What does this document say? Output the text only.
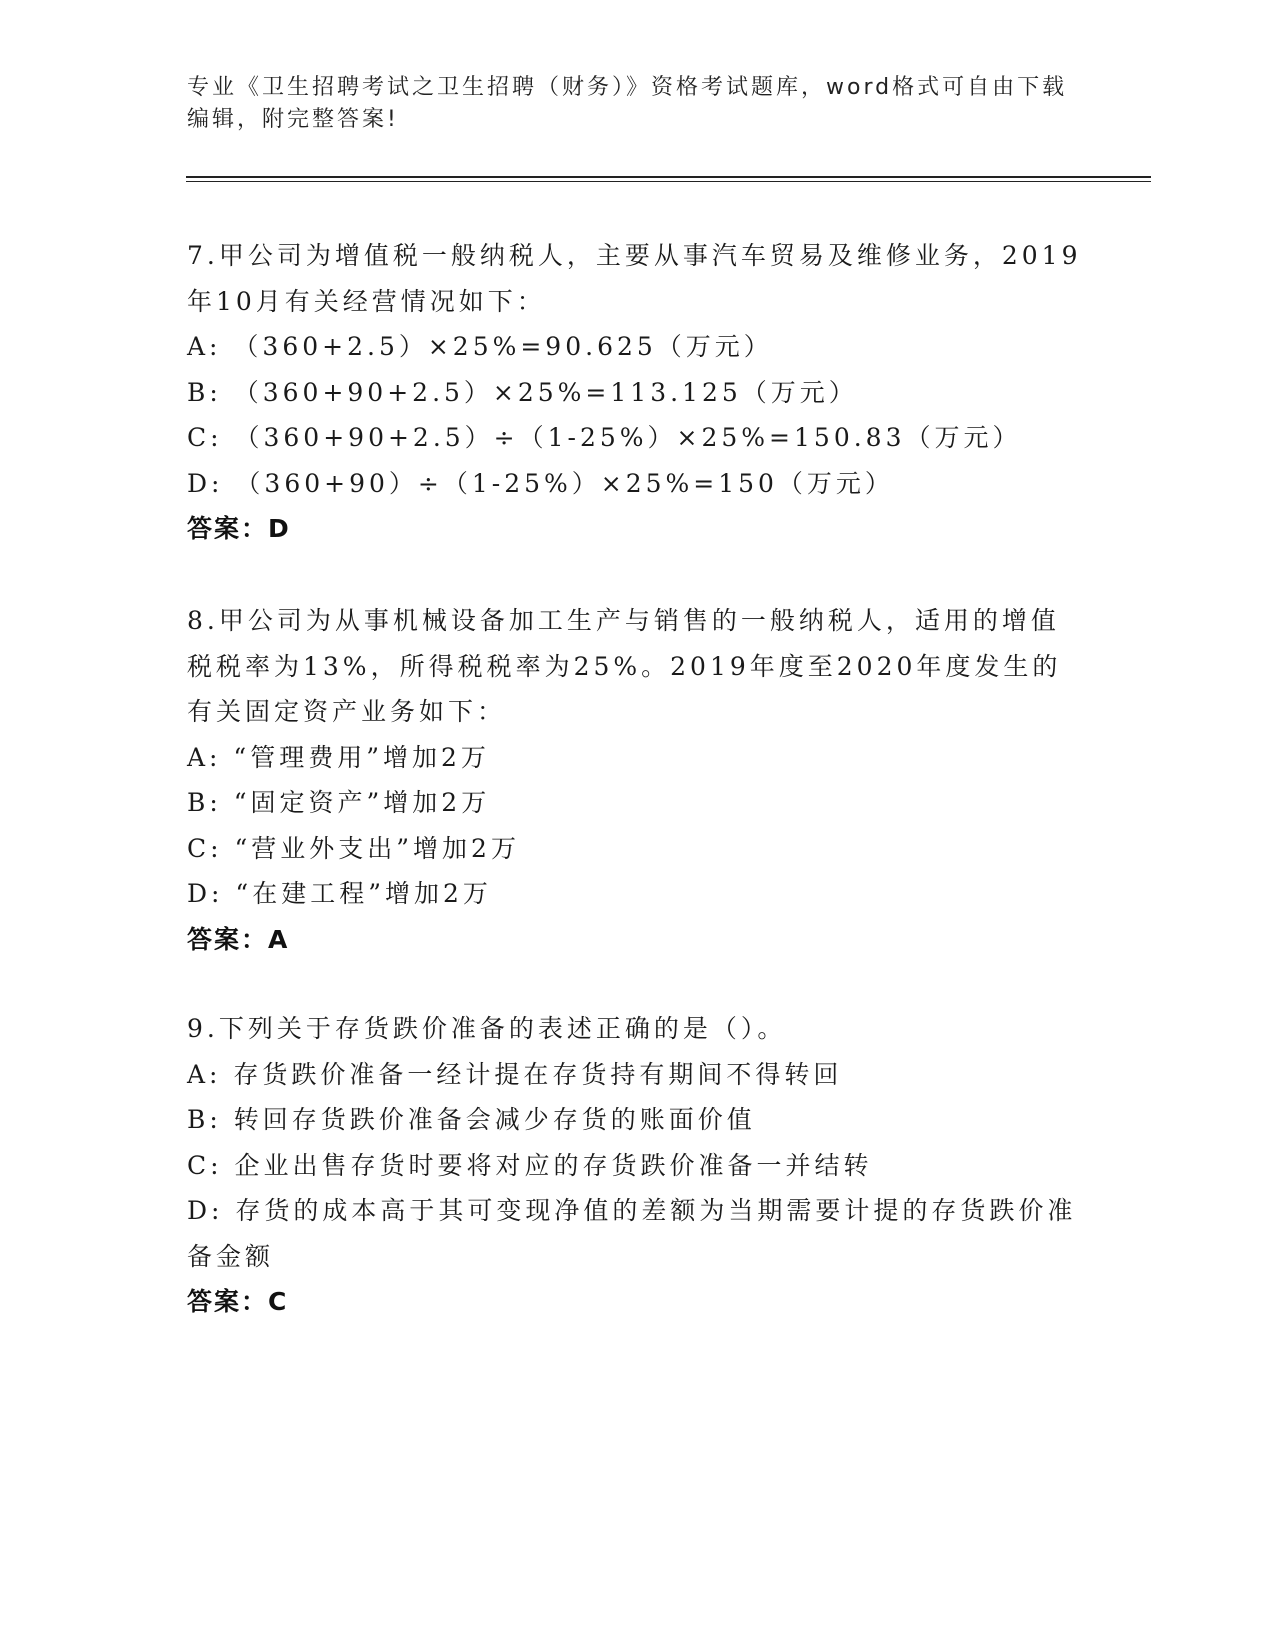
专业《卫生招聘考试之卫生招聘（财务）》资格考试题库，word格式可自由下载编辑，附完整答案!

7.甲公司为增值税一般纳税人，主要从事汽车贸易及维修业务，2019年10月有关经营情况如下：

A: （360+2.5）×25%=90.625（万元）

B: （360+90+2.5）×25%=113.125（万元）

C: （360+90+2.5）÷（1-25%）×25%=150.83（万元）

D: （360+90）÷（1-25%）×25%=150（万元）

答案：D

8.甲公司为从事机械设备加工生产与销售的一般纳税人，适用的增值税税率为13%，所得税税率为25%。2019年度至2020年度发生的有关固定资产业务如下：

A: “管理费用”增加2万

B: “固定资产”增加2万

C: “营业外支出”增加2万

D: “在建工程”增加2万

答案：A

9.下列关于存货跌价准备的表述正确的是（）。

A: 存货跌价准备一经计提在存货持有期间不得转回

B: 转回存货跌价准备会减少存货的账面价值

C: 企业出售存货时要将对应的存货跌价准备一并结转

D: 存货的成本高于其可变现净值的差额为当期需要计提的存货跌价准备金额

答案：C
